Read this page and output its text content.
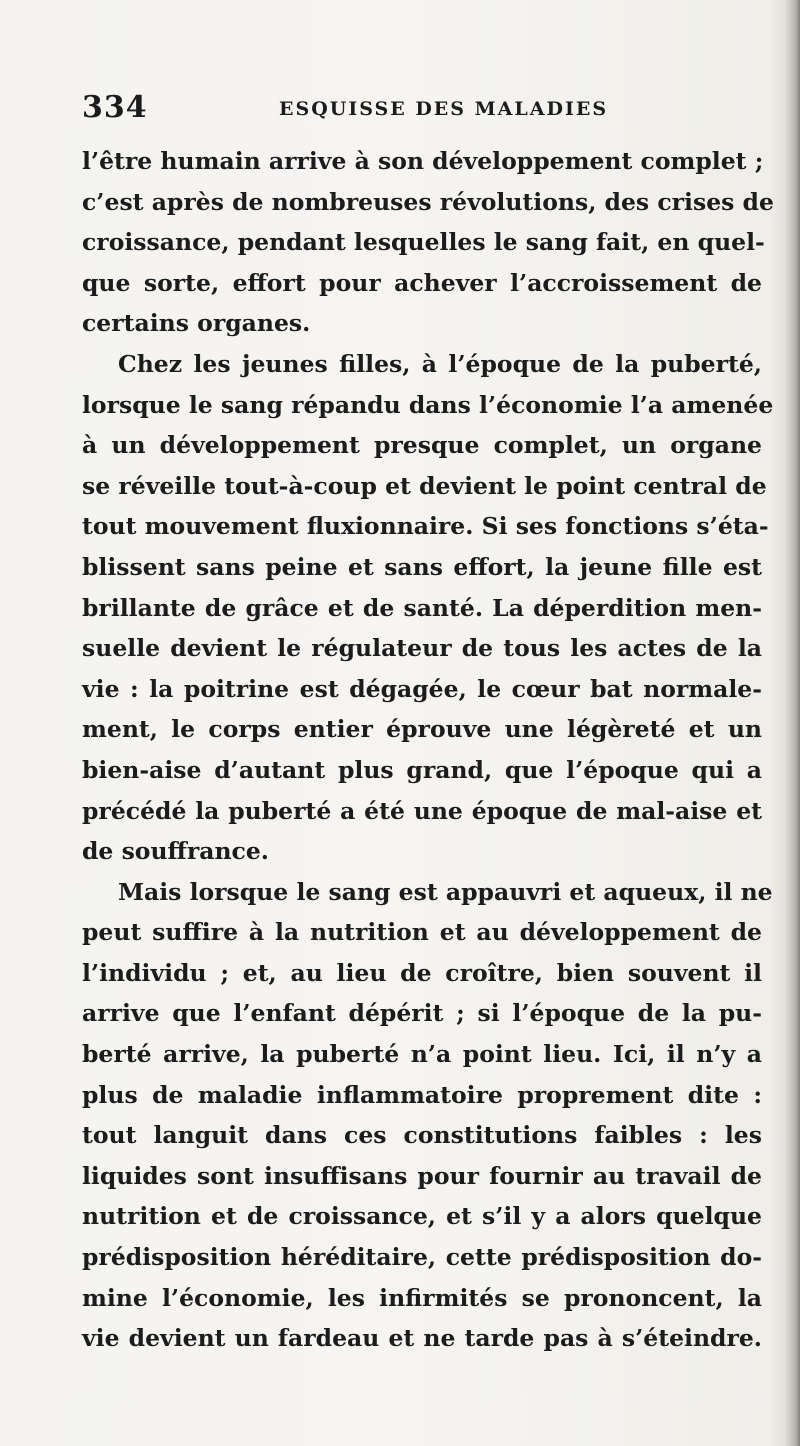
334	ESQUISSE DES MALADIES
l’être humain arrive à son développement complet ;
c’est après de nombreuses révolutions, des crises de
croissance, pendant lesquelles le sang fait, en quel-
que sorte, effort pour achever l’accroissement de
certains organes.
Chez les jeunes filles, à l’époque de la puberté,
lorsque le sang répandu dans l’économie l’a amenée
à un développement presque complet, un organe
se réveille tout-à-coup et devient le point central de
tout mouvement fluxionnaire. Si ses fonctions s’éta-
blissent sans peine et sans effort, la jeune fille est
brillante de grâce et de santé. La déperdition men-
suelle devient le régulateur de tous les actes de la
vie : la poitrine est dégagée, le cœur bat normale-
ment, le corps entier éprouve une légèreté et un
bien-aise d’autant plus grand, que l’époque qui a
précédé la puberté a été une époque de mal-aise et
de souffrance.
Mais lorsque le sang est appauvri et aqueux, il ne
peut suffire à la nutrition et au développement de
l’individu ; et, au lieu de croître, bien souvent il
arrive que l’enfant dépérit ; si l’époque de la pu-
berté arrive, la puberté n’a point lieu. Ici, il n’y a
plus de maladie inflammatoire proprement dite :
tout languit dans ces constitutions faibles : les
liquides sont insuffisans pour fournir au travail de
nutrition et de croissance, et s’il y a alors quelque
prédisposition héréditaire, cette prédisposition do-
mine l’économie, les infirmités se prononcent, la
vie devient un fardeau et ne tarde pas à s’éteindre.
